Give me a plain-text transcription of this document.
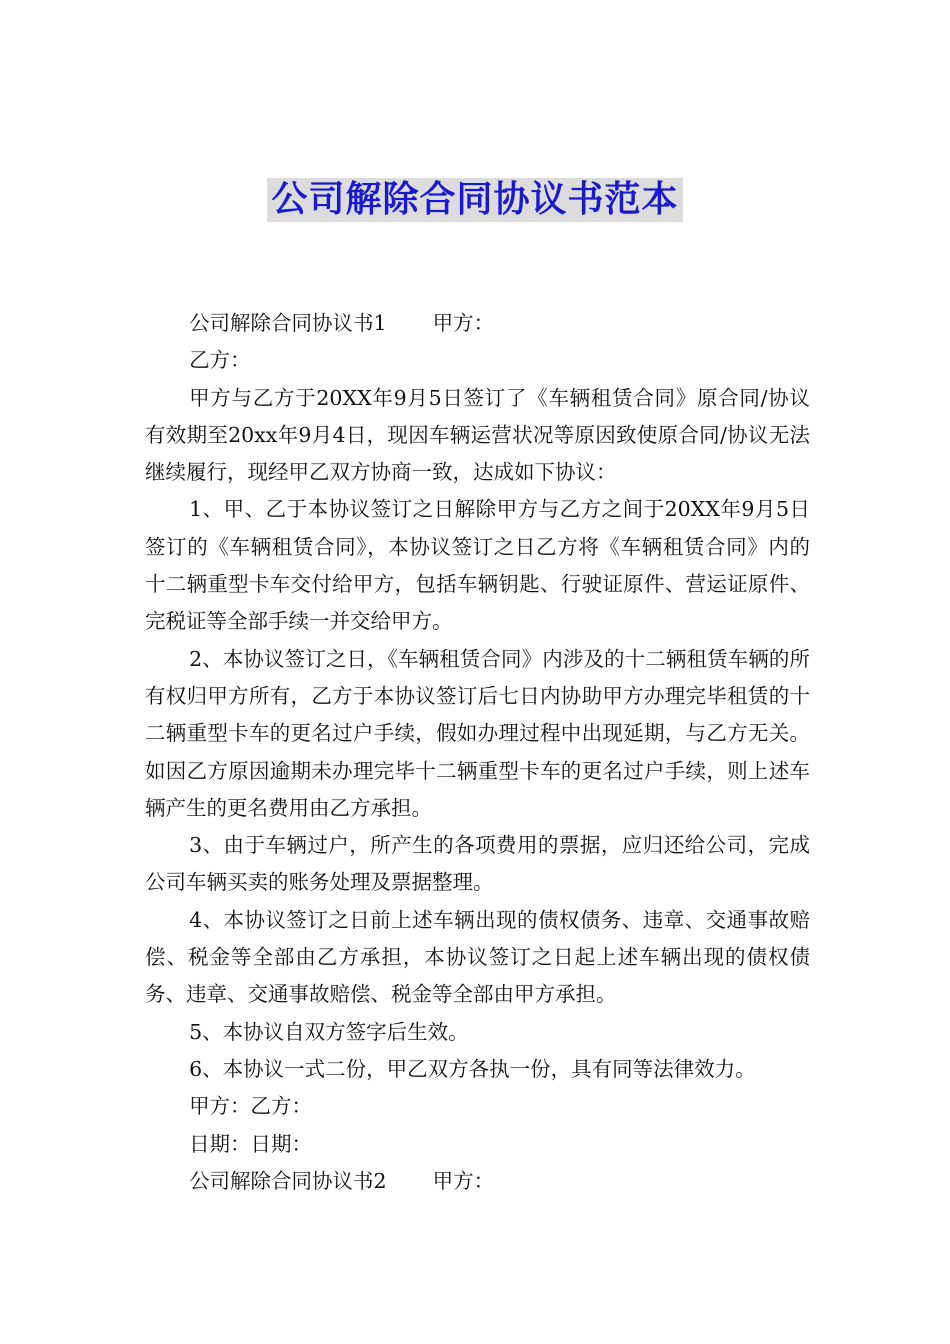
公司解除合同协议书范本

公司解除合同协议书1 甲方：

乙方：

甲方与乙方于20XX年9月5日签订了《车辆租赁合同》原合同/协议有效期至20xx年9月4日，现因车辆运营状况等原因致使原合同/协议无法继续履行，现经甲乙双方协商一致，达成如下协议：

1、甲、乙于本协议签订之日解除甲方与乙方之间于20XX年9月5日签订的《车辆租赁合同》，本协议签订之日乙方将《车辆租赁合同》内的十二辆重型卡车交付给甲方，包括车辆钥匙、行驶证原件、营运证原件、完税证等全部手续一并交给甲方。

2、本协议签订之日，《车辆租赁合同》内涉及的十二辆租赁车辆的所有权归甲方所有，乙方于本协议签订后七日内协助甲方办理完毕租赁的十二辆重型卡车的更名过户手续，假如办理过程中出现延期，与乙方无关。如因乙方原因逾期未办理完毕十二辆重型卡车的更名过户手续，则上述车辆产生的更名费用由乙方承担。

3、由于车辆过户，所产生的各项费用的票据，应归还给公司，完成公司车辆买卖的账务处理及票据整理。

4、本协议签订之日前上述车辆出现的债权债务、违章、交通事故赔偿、税金等全部由乙方承担，本协议签订之日起上述车辆出现的债权债务、违章、交通事故赔偿、税金等全部由甲方承担。

5、本协议自双方签字后生效。

6、本协议一式二份，甲乙双方各执一份，具有同等法律效力。

甲方：乙方：

日期：日期：

公司解除合同协议书2 甲方：
